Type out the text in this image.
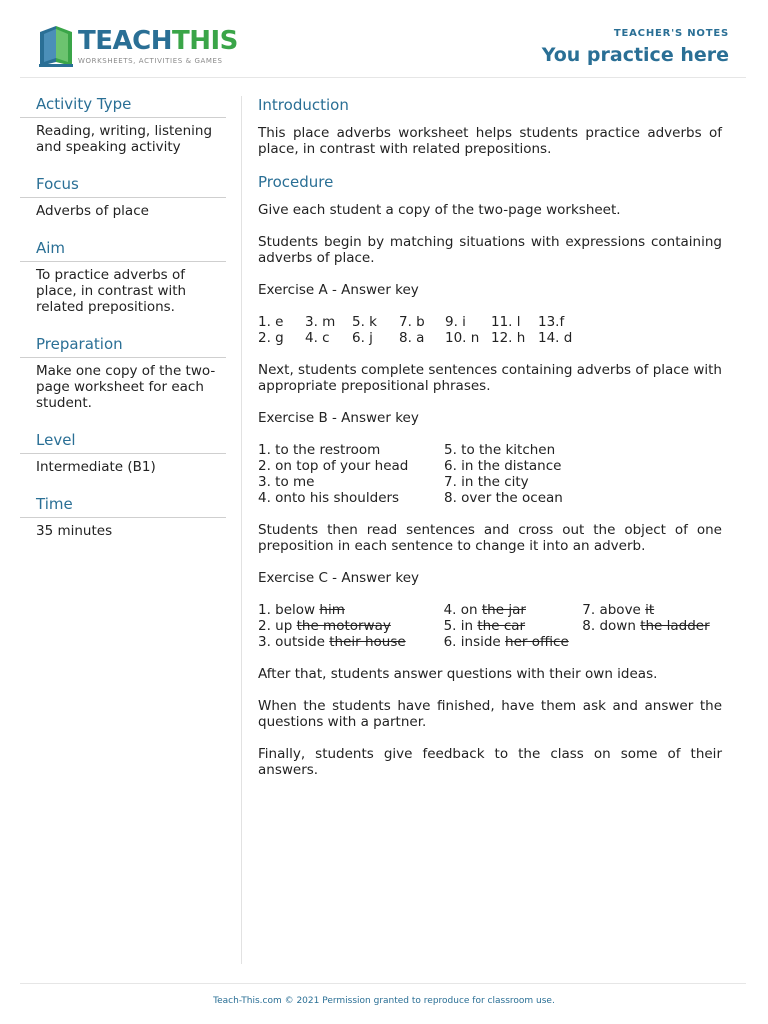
TEACHTHIS
WORKSHEETS, ACTIVITIES & GAMES
TEACHER'S NOTES
You practice here
Activity Type
Reading, writing, listening and speaking activity
Focus
Adverbs of place
Aim
To practice adverbs of place, in contrast with related prepositions.
Preparation
Make one copy of the two-page worksheet for each student.
Level
Intermediate (B1)
Time
35 minutes
Introduction

This place adverbs worksheet helps students practice adverbs of place, in contrast with related prepositions.

Procedure

Give each student a copy of the two-page worksheet.

Students begin by matching situations with expressions containing adverbs of place.

Exercise A - Answer key

1. e	3. m	5. k	7. b	9. i	11. l	13.f
2. g	4. c	6. j	8. a	10. n 12. h 14. d

Next, students complete sentences containing adverbs of place with appropriate prepositional phrases.

Exercise B - Answer key

1. to the restroom	5. to the kitchen
2. on top of your head	6. in the distance
3. to me	7. in the city
4. onto his shoulders	8. over the ocean

Students then read sentences and cross out the object of one preposition in each sentence to change it into an adverb.

Exercise C - Answer key

1. below him	4. on the jar	7. above it
2. up the motorway	5. in the car	8. down the ladder
3. outside their house	6. inside her office

After that, students answer questions with their own ideas.

When the students have finished, have them ask and answer the questions with a partner.

Finally, students give feedback to the class on some of their answers.

Teach-This.com © 2021 Permission granted to reproduce for classroom use.
